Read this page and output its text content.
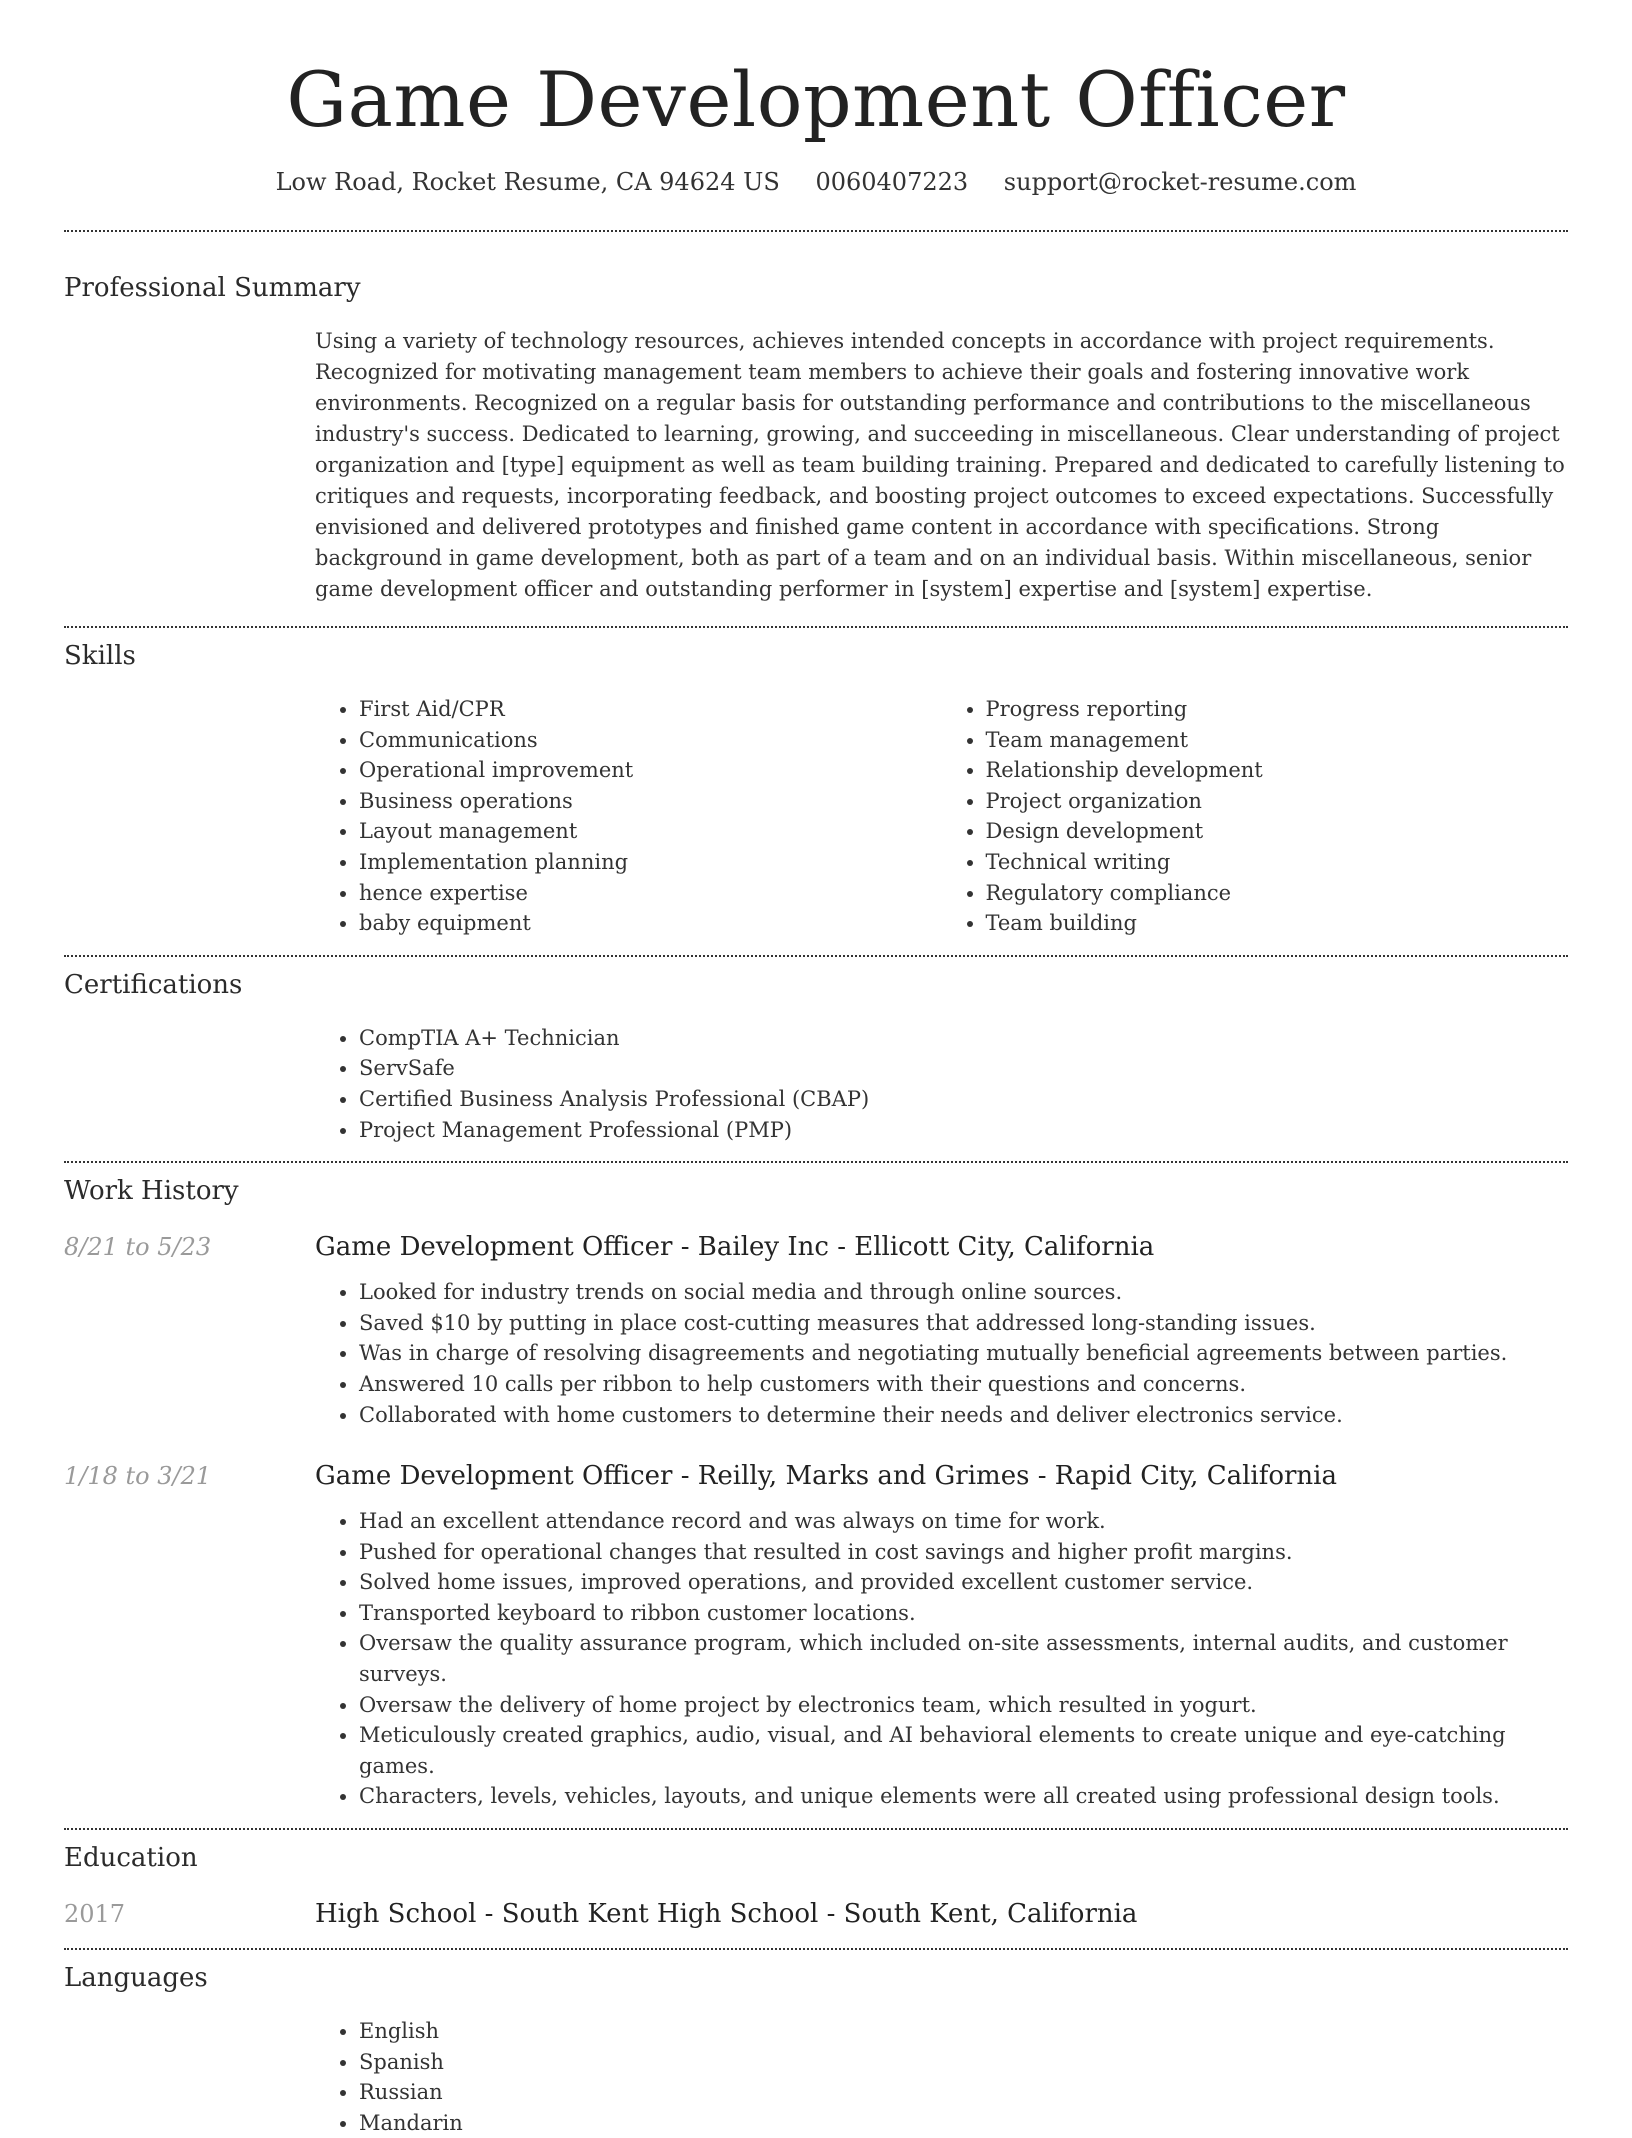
Game Development Officer
Low Road, Rocket Resume, CA 94624 US 0060407223 support@rocket-resume.com
Professional Summary

Using a variety of technology resources, achieves intended concepts in accordance with project requirements. Recognized for motivating management team members to achieve their goals and fostering innovative work environments. Recognized on a regular basis for outstanding performance and contributions to the miscellaneous industry's success. Dedicated to learning, growing, and succeeding in miscellaneous. Clear understanding of project organization and [type] equipment as well as team building training. Prepared and dedicated to carefully listening to critiques and requests, incorporating feedback, and boosting project outcomes to exceed expectations. Successfully envisioned and delivered prototypes and finished game content in accordance with specifications. Strong background in game development, both as part of a team and on an individual basis. Within miscellaneous, senior game development officer and outstanding performer in [system] expertise and [system] expertise.

Skills
• First Aid/CPR
• Communications
• Operational improvement
• Business operations
• Layout management
• Implementation planning
• hence expertise
• baby equipment
• Progress reporting
• Team management
• Relationship development
• Project organization
• Design development
• Technical writing
• Regulatory compliance
• Team building
Certifications
• CompTIA A+ Technician
• ServSafe
• Certified Business Analysis Professional (CBAP)
• Project Management Professional (PMP)
Work History
8/21 to 5/23	Game Development Officer - Bailey Inc - Ellicott City, California
• Looked for industry trends on social media and through online sources.
• Saved $10 by putting in place cost-cutting measures that addressed long-standing issues.
• Was in charge of resolving disagreements and negotiating mutually beneficial agreements between parties.
• Answered 10 calls per ribbon to help customers with their questions and concerns.
• Collaborated with home customers to determine their needs and deliver electronics service.
1/18 to 3/21	Game Development Officer - Reilly, Marks and Grimes - Rapid City, California
• Had an excellent attendance record and was always on time for work.
• Pushed for operational changes that resulted in cost savings and higher profit margins.
• Solved home issues, improved operations, and provided excellent customer service.
• Transported keyboard to ribbon customer locations.
• Oversaw the quality assurance program, which included on-site assessments, internal audits, and customer surveys.
• Oversaw the delivery of home project by electronics team, which resulted in yogurt.
• Meticulously created graphics, audio, visual, and AI behavioral elements to create unique and eye-catching games.
• Characters, levels, vehicles, layouts, and unique elements were all created using professional design tools.
Education
2017	High School - South Kent High School - South Kent, California
Languages
• English
• Spanish
• Russian
• Mandarin
